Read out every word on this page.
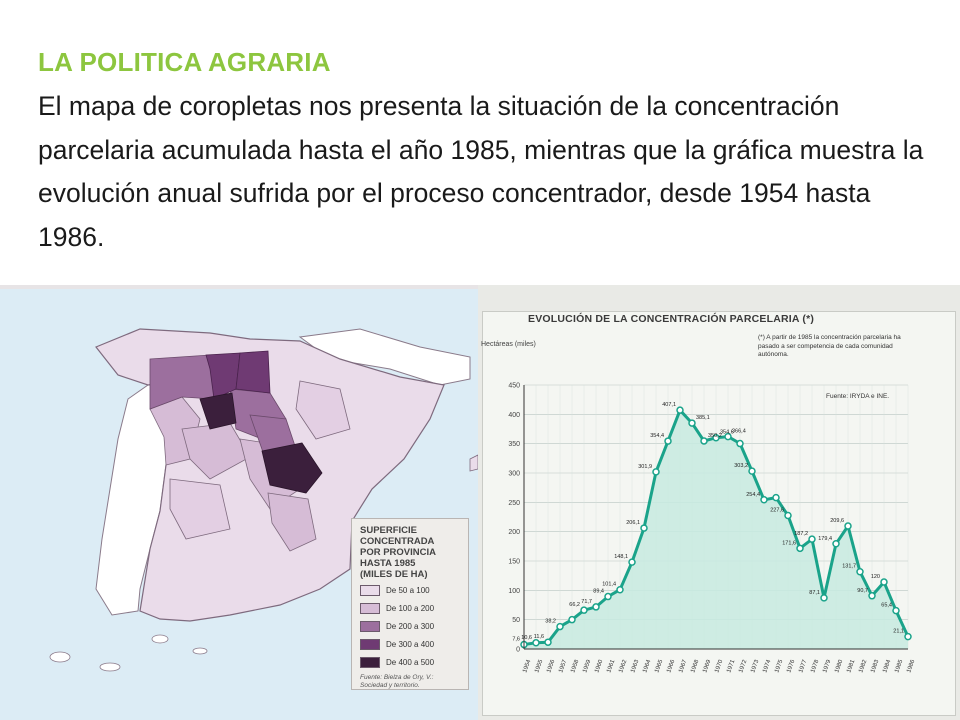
LA POLITICA AGRARIA
El mapa de coropletas nos presenta la situación de la concentración parcelaria acumulada hasta el año 1985, mientras que la gráfica muestra la evolución anual sufrida por el proceso concentrador, desde 1954 hasta 1986.
SUPERFICIE
CONCENTRADA
POR PROVINCIA
HASTA 1985
(MILES DE HA)
De 50 a 100
De 100 a 200
De 200 a 300
De 300 a 400
De 400 a 500
Fuente: Bielza de Ory, V.: Sociedad y territorio.
0
50
100
150
200
250
300
350
400
450
1954 1955 1956 1957 1958 1959 1960 1961 1962 1963 1964 1965 1966 1967 1968 1969 1970 1971 1972 1973 1974 1975 1976 1977 1978 1979 1980 1981 1982 1983 1984 1985 1986
7,6 10,6 11,6
38,2
66,2
71,7
89,4
101,4
148,1
206,1
301,9
354,4
407,1
385,1
350,2
354,6
366,4
303,2
254,4
227,6
171,6
187,2
87,1
179,4
209,6
131,7
90,7
120
65,4
21,1
EVOLUCIÓN DE LA CONCENTRACIÓN PARCELARIA (*)
Hectáreas (miles)
(*) A partir de 1985 la concentración parcelaria ha pasado a ser competencia de cada comunidad autónoma.
Fuente: IRYDA e INE.
